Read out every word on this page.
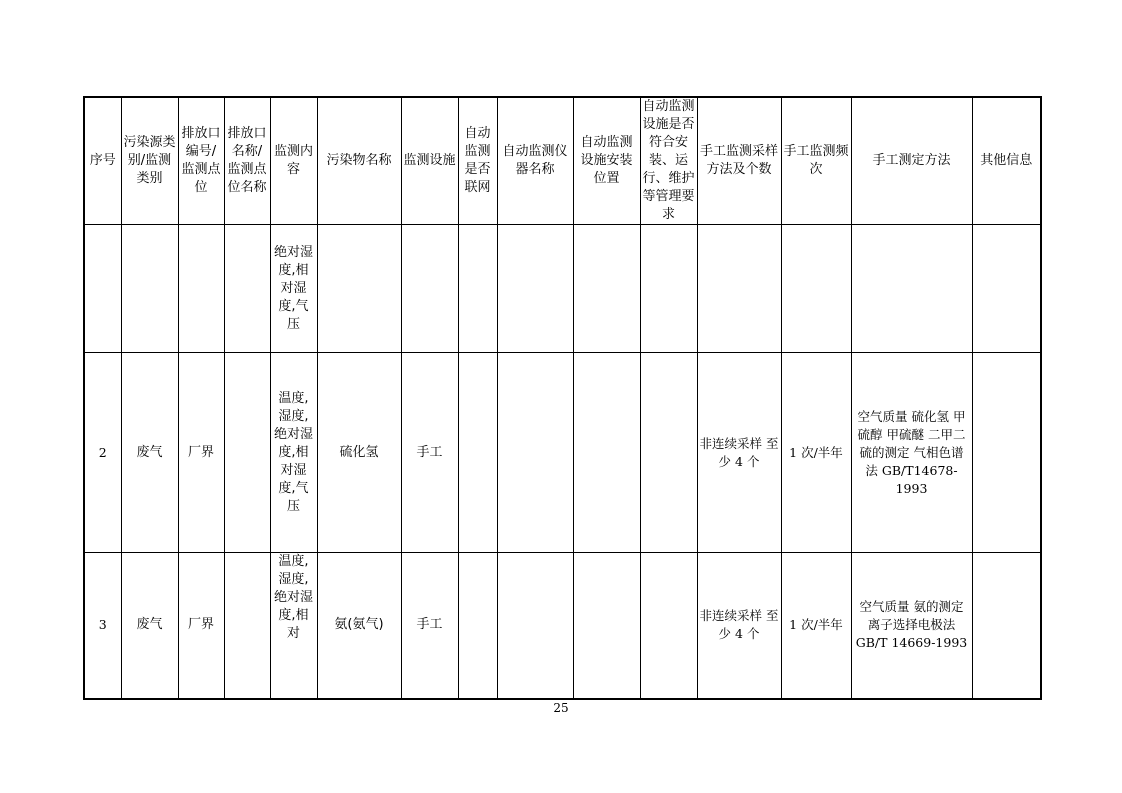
序号	污染源类别/监测类别	排放口编号/监测点位	排放口名称/监测点位名称	监测内容	污染物名称	监测设施	自动监测是否联网	自动监测仪器名称	自动监测设施安装位置	自动监测设施是否符合安装、运行、维护等管理要求	手工监测采样方法及个数	手工监测频次	手工测定方法	其他信息
				绝对湿度,相对湿度,气压										
2	废气	厂界		温度,湿度,绝对湿度,相对湿度,气压	硫化氢	手工					非连续采样 至少 4 个	1 次/半年	空气质量 硫化氢 甲硫醇 甲硫醚 二甲二硫的测定 气相色谱法 GB/T14678-1993	
3	废气	厂界		温度,湿度,绝对湿度,相对	氨(氨气)	手工					非连续采样 至少 4 个	1 次/半年	空气质量 氨的测定 离子选择电极法 GB/T 14669-1993	
25
